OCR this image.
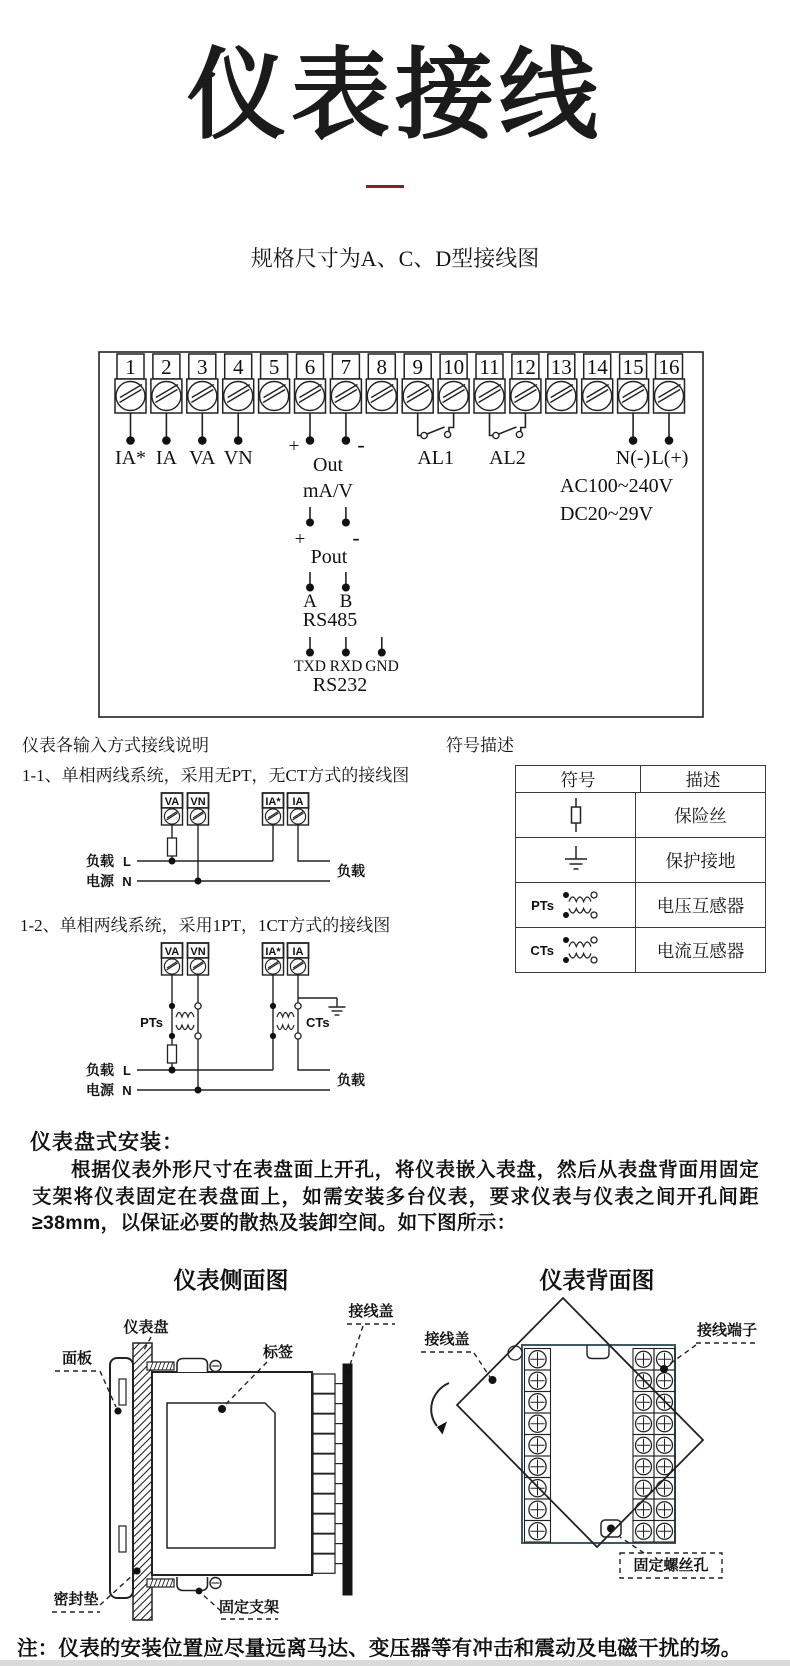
仪表接线
规格尺寸为A、C、D型接线图
1 2 3 4 5 6 7 8 9 10 11 12 13 14 15 16
IA* IA VA VN
+	-
Out
mA/V
+ -
Pout
A B
RS485
TXD RXD GND
RS232
AL1 AL2	N(-) L(+)
AC100~240V
DC20~29V
仪表各输入方式接线说明
1-1、单相两线系统，采用无PT，无CT方式的接线图
1-2、单相两线系统，采用1PT，1CT方式的接线图
VA VN	IA* IA
负载 L
电源 N
负载
VA VN	IA* IA
PTs	CTs
负载 L
电源 N
负载
符号描述
符号	描述
保险丝
保护接地
PTs	电压互感器
CTs	电流互感器
仪表盘式安装：
根据仪表外形尺寸在表盘面上开孔，将仪表嵌入表盘，然后从表盘背面用固定支架将仪表固定在表盘面上，如需安装多台仪表，要求仪表与仪表之间开孔间距≥38mm，以保证必要的散热及装卸空间。如下图所示：
仪表侧面图	仪表背面图
仪表盘
面板	标签
接线盖
密封垫	固定支架
接线盖
接线端子
固定螺丝孔
注：仪表的安装位置应尽量远离马达、变压器等有冲击和震动及电磁干扰的场。
